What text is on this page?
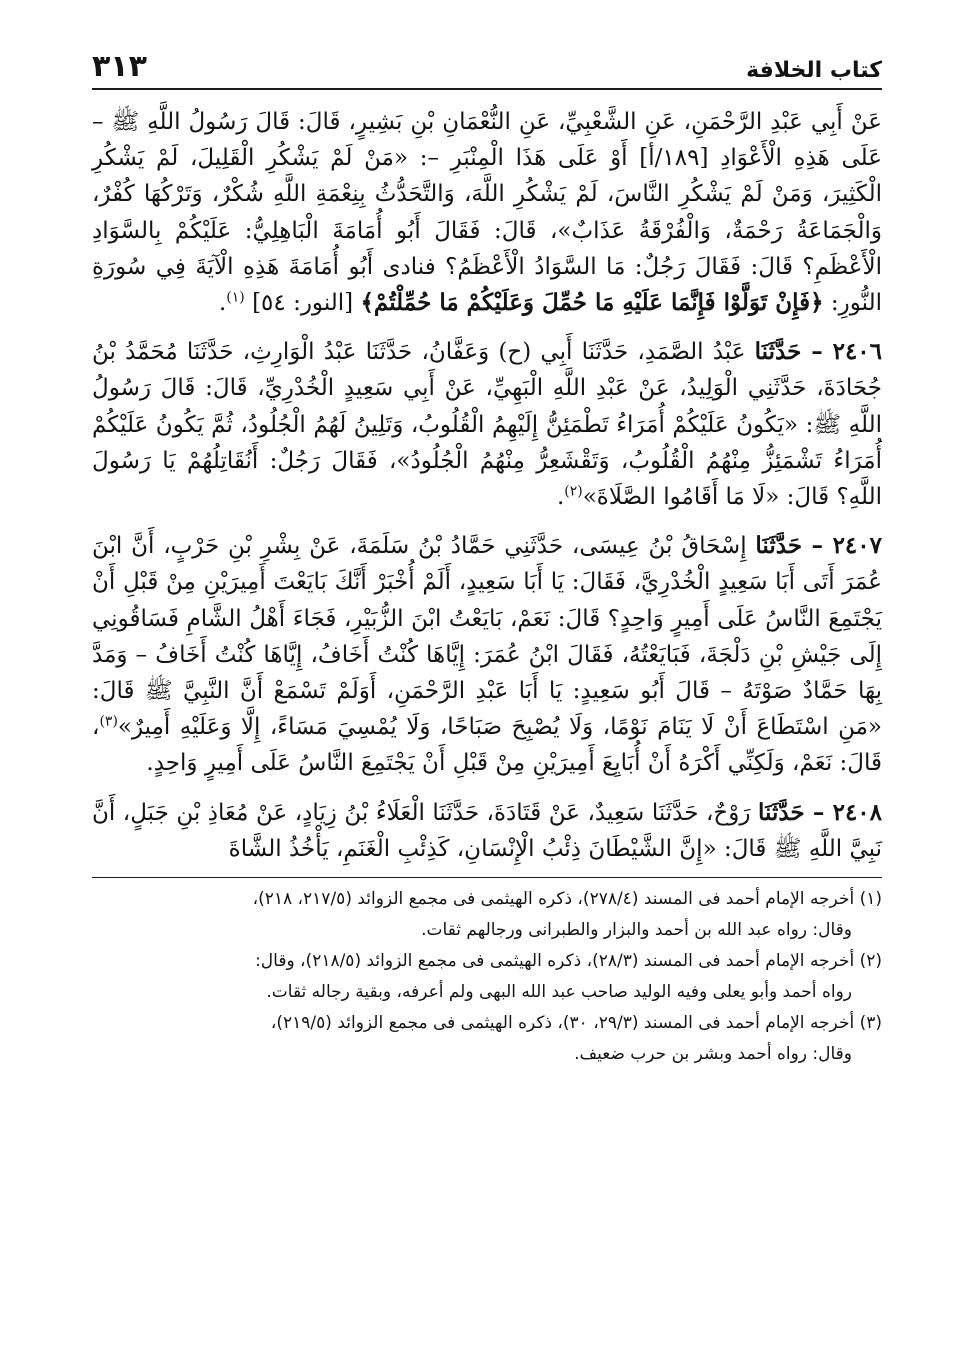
كتاب الخلافة
٣١٣

عَنْ أَبِي عَبْدِ الرَّحْمَنِ، عَنِ الشَّعْبِيِّ، عَنِ النُّعْمَانِ بْنِ بَشِيرٍ، قَالَ: قَالَ رَسُولُ اللَّهِ ﷺ – عَلَى هَذِهِ الْأَعْوَادِ [١٨٩/أ] أَوْ عَلَى هَذَا الْمِنْبَرِ –: «مَنْ لَمْ يَشْكُرِ الْقَلِيلَ، لَمْ يَشْكُرِ الْكَثِيرَ، وَمَنْ لَمْ يَشْكُرِ النَّاسَ، لَمْ يَشْكُرِ اللَّهَ، وَالتَّحَدُّثُ بِنِعْمَةِ اللَّهِ شُكْرٌ، وَتَرْكُهَا كُفْرٌ، وَالْجَمَاعَةُ رَحْمَةٌ، وَالْفُرْقَةُ عَذَابٌ»، قَالَ: فَقَالَ أَبُو أُمَامَةَ الْبَاهِلِيُّ: عَلَيْكُمْ بِالسَّوَادِ الْأَعْظَمِ؟ قَالَ: فَقَالَ رَجُلٌ: مَا السَّوَادُ الْأَعْظَمُ؟ فنادى أَبُو أُمَامَةَ هَذِهِ الْآيَةَ فِي سُورَةِ النُّورِ: ﴿فَإِنْ تَوَلَّوْا فَإِنَّمَا عَلَيْهِ مَا حُمِّلَ وَعَلَيْكُمْ مَا حُمِّلْتُمْ﴾ [النور: ٥٤] $^{(١)}$.

٢٤٠٦ – حَدَّثَنَا عَبْدُ الصَّمَدِ، حَدَّثَنَا أَبِي (ح) وَعَفَّانُ، حَدَّثَنَا عَبْدُ الْوَارِثِ، حَدَّثَنَا مُحَمَّدُ بْنُ جُحَادَةَ، حَدَّثَنِي الْوَلِيدُ، عَنْ عَبْدِ اللَّهِ الْبَهِيِّ، عَنْ أَبِي سَعِيدٍ الْخُدْرِيِّ، قَالَ: قَالَ رَسُولُ اللَّهِ ﷺ: «يَكُونُ عَلَيْكُمْ أُمَرَاءُ تَطْمَئِنُّ إِلَيْهِمُ الْقُلُوبُ، وَتَلِينُ لَهُمُ الْجُلُودُ، ثُمَّ يَكُونُ عَلَيْكُمْ أُمَرَاءُ تَشْمَئِزُّ مِنْهُمُ الْقُلُوبُ، وَتَقْشَعِرُّ مِنْهُمُ الْجُلُودُ»، فَقَالَ رَجُلٌ: أَنُقَاتِلُهُمْ يَا رَسُولَ اللَّهِ؟ قَالَ: «لَا مَا أَقَامُوا الصَّلَاةَ»$^{(٢)}$.

٢٤٠٧ – حَدَّثَنَا إِسْحَاقُ بْنُ عِيسَى، حَدَّثَنِي حَمَّادُ بْنُ سَلَمَةَ، عَنْ بِشْرِ بْنِ حَرْبٍ، أَنَّ ابْنَ عُمَرَ أَتَى أَبَا سَعِيدٍ الْخُدْرِيَّ، فَقَالَ: يَا أَبَا سَعِيدٍ، أَلَمْ أُخْبَرْ أَنَّكَ بَايَعْتَ أَمِيرَيْنِ مِنْ قَبْلِ أَنْ يَجْتَمِعَ النَّاسُ عَلَى أَمِيرٍ وَاحِدٍ؟ قَالَ: نَعَمْ، بَايَعْتُ ابْنَ الزُّبَيْرِ، فَجَاءَ أَهْلُ الشَّامِ فَسَاقُونِي إِلَى جَيْشِ بْنِ دَلْجَةَ، فَبَايَعْتُهُ، فَقَالَ ابْنُ عُمَرَ: إِيَّاهَا كُنْتُ أَخَافُ، إِيَّاهَا كُنْتُ أَخَافُ – وَمَدَّ بِهَا حَمَّادٌ صَوْتَهُ – قَالَ أَبُو سَعِيدٍ: يَا أَبَا عَبْدِ الرَّحْمَنِ، أَوَلَمْ تَسْمَعْ أَنَّ النَّبِيَّ ﷺ قَالَ: «مَنِ اسْتَطَاعَ أَنْ لَا يَنَامَ نَوْمًا، وَلَا يُصْبِحَ صَبَاحًا، وَلَا يُمْسِيَ مَسَاءً، إِلَّا وَعَلَيْهِ أَمِيرٌ»$^{(٣)}$، قَالَ: نَعَمْ، وَلَكِنِّي أَكْرَهُ أَنْ أُبَايِعَ أَمِيرَيْنِ مِنْ قَبْلِ أَنْ يَجْتَمِعَ النَّاسُ عَلَى أَمِيرٍ وَاحِدٍ.

٢٤٠٨ – حَدَّثَنَا رَوْحٌ، حَدَّثَنَا سَعِيدٌ، عَنْ قَتَادَةَ، حَدَّثَنَا الْعَلَاءُ بْنُ زِيَادٍ، عَنْ مُعَاذِ بْنِ جَبَلٍ، أَنَّ نَبِيَّ اللَّهِ ﷺ قَالَ: «إِنَّ الشَّيْطَانَ ذِئْبُ الْإِنْسَانِ، كَذِئْبِ الْغَنَمِ، يَأْخُذُ الشَّاةَ

(١) أخرجه الإمام أحمد فى المسند (٢٧٨/٤)، ذكره الهيثمى فى مجمع الزوائد (٢١٧/٥، ٢١٨)،
وقال: رواه عبد الله بن أحمد والبزار والطبرانى ورجالهم ثقات.

(٢) أخرجه الإمام أحمد فى المسند (٢٨/٣)، ذكره الهيثمى فى مجمع الزوائد (٢١٨/٥)، وقال:
رواه أحمد وأبو يعلى وفيه الوليد صاحب عبد الله البهى ولم أعرفه، وبقية رجاله ثقات.

(٣) أخرجه الإمام أحمد فى المسند (٢٩/٣، ٣٠)، ذكره الهيثمى فى مجمع الزوائد (٢١٩/٥)،
وقال: رواه أحمد وبشر بن حرب ضعيف.
